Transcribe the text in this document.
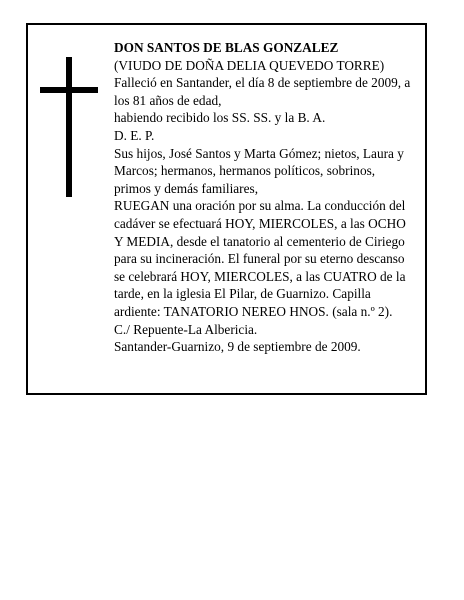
DON SANTOS DE BLAS GONZALEZ
(VIUDO DE DOÑA DELIA QUEVEDO TORRE)
Falleció en Santander, el día 8 de septiembre de 2009, a
los 81 años de edad,
habiendo recibido los SS. SS. y la B. A.
D. E. P.
Sus hijos, José Santos y Marta Gómez; nietos, Laura y
Marcos; hermanos, hermanos políticos, sobrinos,
primos y demás familiares,
RUEGAN una oración por su alma. La conducción del
cadáver se efectuará HOY, MIERCOLES, a las OCHO
Y MEDIA, desde el tanatorio al cementerio de Ciriego
para su incineración. El funeral por su eterno descanso
se celebrará HOY, MIERCOLES, a las CUATRO de la
tarde, en la iglesia El Pilar, de Guarnizo. Capilla
ardiente: TANATORIO NEREO HNOS. (sala n.º 2).
C./ Repuente-La Albericia.
Santander-Guarnizo, 9 de septiembre de 2009.
